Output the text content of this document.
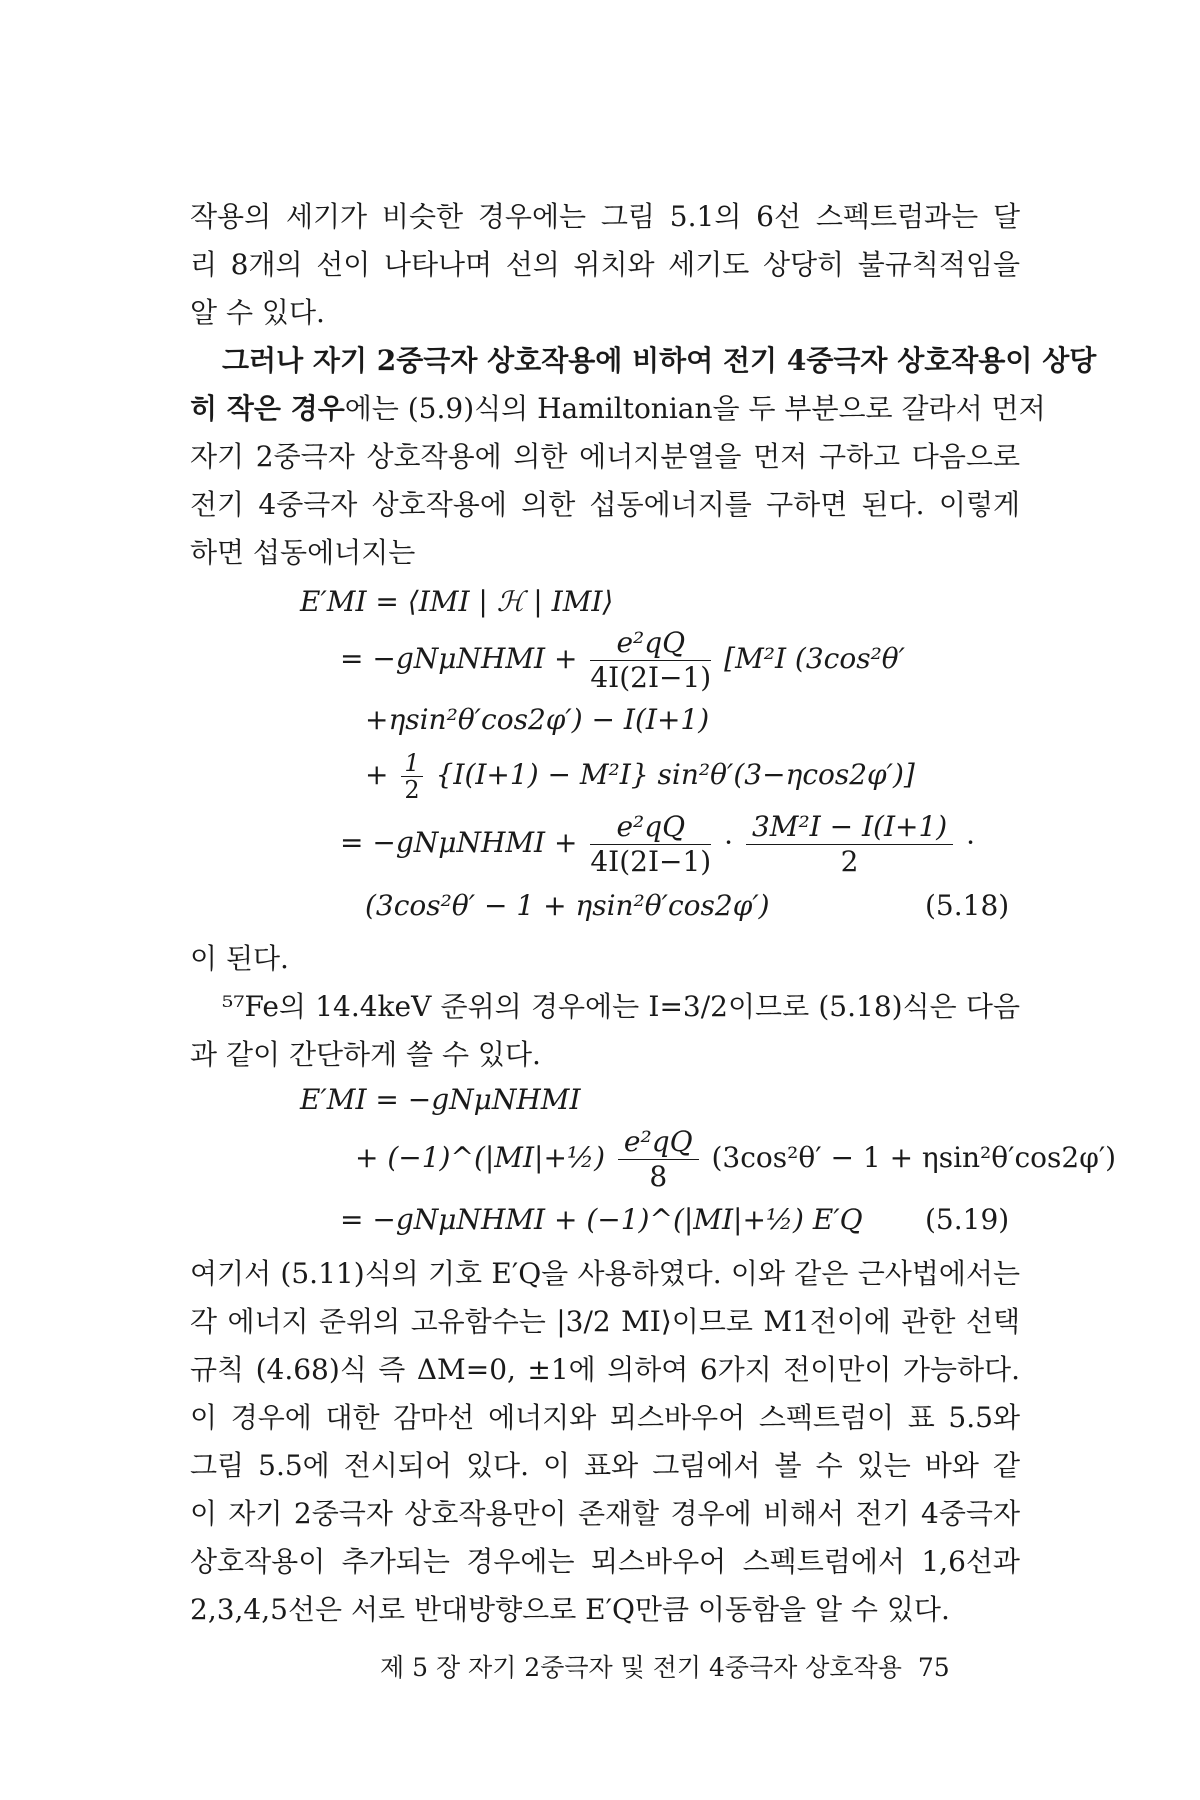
작용의 세기가 비슷한 경우에는 그림 5.1의 6선 스펙트럼과는 달
리 8개의 선이 나타나며 선의 위치와 세기도 상당히 불규칙적임을
알 수 있다.
그러나 자기 2중극자 상호작용에 비하여 전기 4중극자 상호작용이 상당
히 작은 경우에는 (5.9)식의 Hamiltonian을 두 부분으로 갈라서 먼저
자기 2중극자 상호작용에 의한 에너지분열을 먼저 구하고 다음으로
전기 4중극자 상호작용에 의한 섭동에너지를 구하면 된다. 이렇게
하면 섭동에너지는
E′MI = ⟨IMI | ℋ | IMI⟩
= −gNμNHMI + $\frac{\text{e²qQ}}{4I(2I-1)} [M^2I$ (3cos²θ′
+ηsin²θ′cos2φ′) − I(I+1)
+ $\frac{1}{2} \{I(I+1) - M^2I\}$ sin²θ′(3−ηcos2φ′)]
= −gNμNHMI + $\frac{\text{e²qQ}}{4I(2I-1)} \cdot \frac{\text{3M²I − I(I+1)}}{2}$ ·
(3cos²θ′ − 1 + ηsin²θ′cos2φ′)	(5.18)
이 된다.
⁵⁷Fe의 14.4keV 준위의 경우에는 I=3/2이므로 (5.18)식은 다음
과 같이 간단하게 쓸 수 있다.
E′MI = −gNμNHMI
+ (−1)^(|MI|+½) $\frac{\text{e²qQ}}{8} (3\cos^2\theta' - 1 + \eta\sin^2\theta'\cos 2\varphi')$
= −gNμNHMI + (−1)^(|MI|+½) E′Q (5.19)
여기서 (5.11)식의 기호 E′Q을 사용하였다. 이와 같은 근사법에서는
각 에너지 준위의 고유함수는 |3/2 MI⟩이므로 M1전이에 관한 선택
규칙 (4.68)식 즉 ΔM=0, ±1에 의하여 6가지 전이만이 가능하다.
이 경우에 대한 감마선 에너지와 뫼스바우어 스펙트럼이 표 5.5와
그림 5.5에 전시되어 있다. 이 표와 그림에서 볼 수 있는 바와 같
이 자기 2중극자 상호작용만이 존재할 경우에 비해서 전기 4중극자
상호작용이 추가되는 경우에는 뫼스바우어 스펙트럼에서 1,6선과
2,3,4,5선은 서로 반대방향으로 E′Q만큼 이동함을 알 수 있다.
제 5 장 자기 2중극자 및 전기 4중극자 상호작용 75
